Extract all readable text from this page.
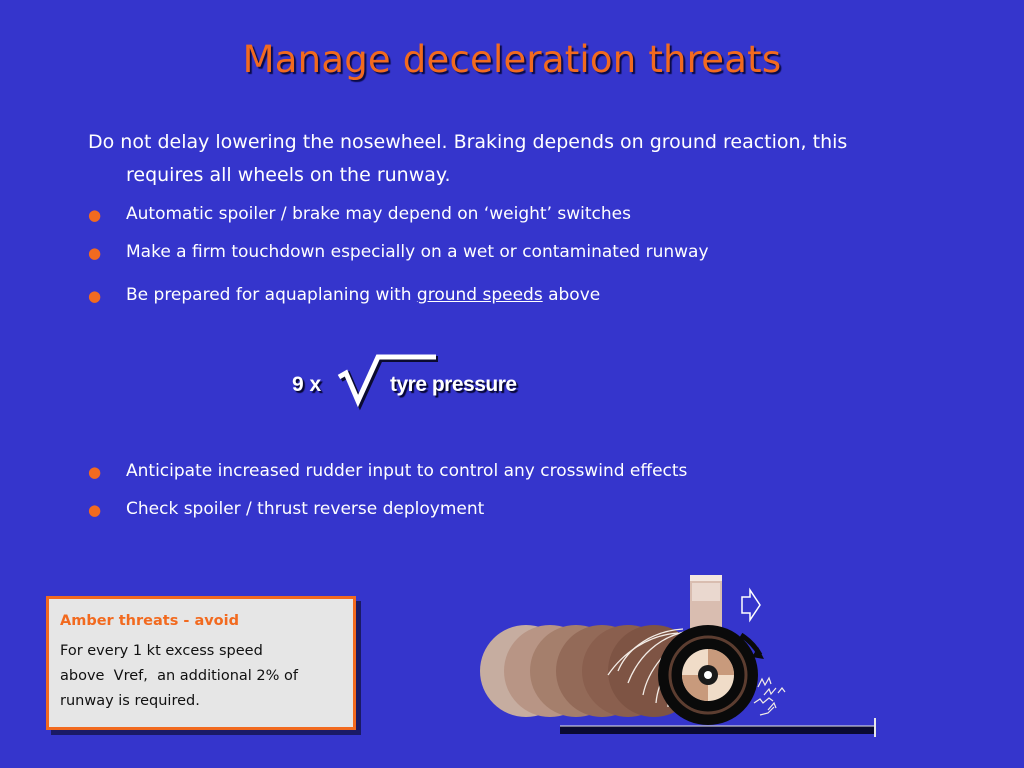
Manage deceleration threats
Do not delay lowering the nosewheel. Braking depends on ground reaction, this requires all wheels on the runway.
● Automatic spoiler / brake may depend on ‘weight’ switches
● Make a firm touchdown especially on a wet or contaminated runway
● Be prepared for aquaplaning with ground speeds above
9 x	tyre pressure
● Anticipate increased rudder input to control any crosswind effects
● Check spoiler / thrust reverse deployment
Amber threats - avoid
For every 1 kt excess speed
above  Vref,  an additional 2% of
runway is required.
